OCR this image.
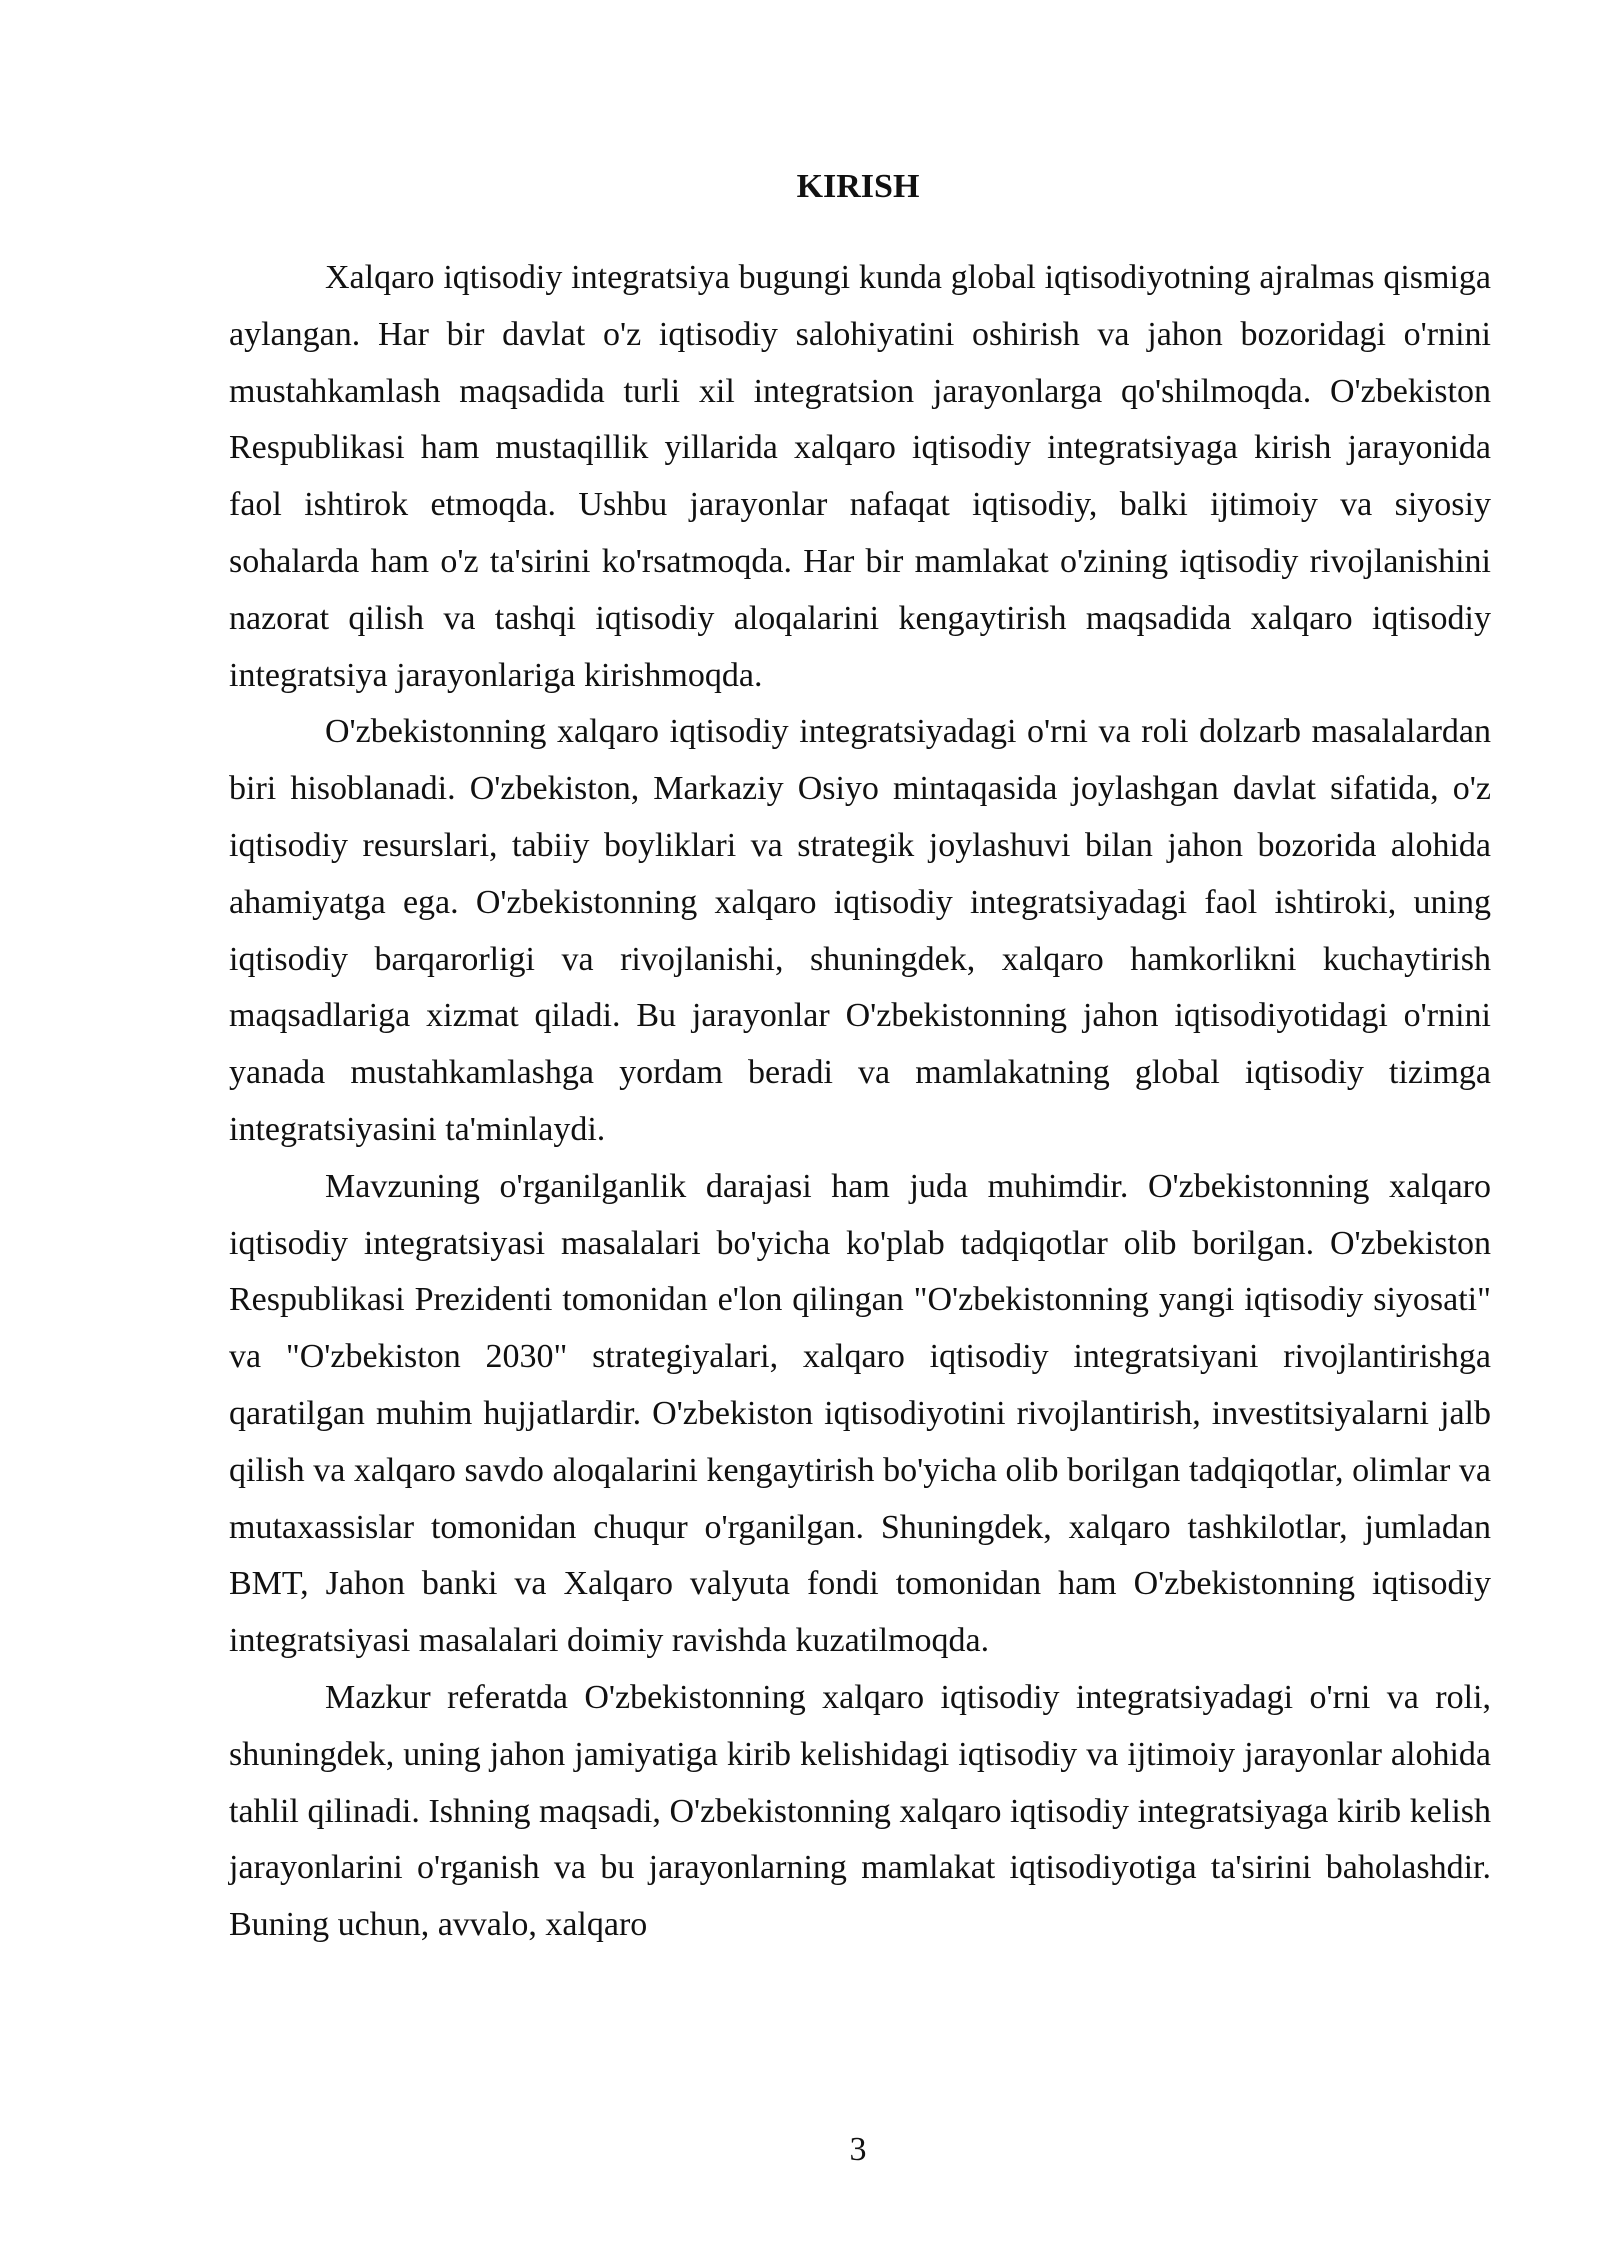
KIRISH

Xalqaro iqtisodiy integratsiya bugungi kunda global iqtisodiyotning ajralmas qismiga aylangan. Har bir davlat o'z iqtisodiy salohiyatini oshirish va jahon bozoridagi o'rnini mustahkamlash maqsadida turli xil integratsion jarayonlarga qo'shilmoqda. O'zbekiston Respublikasi ham mustaqillik yillarida xalqaro iqtisodiy integratsiyaga kirish jarayonida faol ishtirok etmoqda. Ushbu jarayonlar nafaqat iqtisodiy, balki ijtimoiy va siyosiy sohalarda ham o'z ta'sirini ko'rsatmoqda. Har bir mamlakat o'zining iqtisodiy rivojlanishini nazorat qilish va tashqi iqtisodiy aloqalarini kengaytirish maqsadida xalqaro iqtisodiy integratsiya jarayonlariga kirishmoqda.

O'zbekistonning xalqaro iqtisodiy integratsiyadagi o'rni va roli dolzarb masalalardan biri hisoblanadi. O'zbekiston, Markaziy Osiyo mintaqasida joylashgan davlat sifatida, o'z iqtisodiy resurslari, tabiiy boyliklari va strategik joylashuvi bilan jahon bozorida alohida ahamiyatga ega. O'zbekistonning xalqaro iqtisodiy integratsiyadagi faol ishtiroki, uning iqtisodiy barqarorligi va rivojlanishi, shuningdek, xalqaro hamkorlikni kuchaytirish maqsadlariga xizmat qiladi. Bu jarayonlar O'zbekistonning jahon iqtisodiyotidagi o'rnini yanada mustahkamlashga yordam beradi va mamlakatning global iqtisodiy tizimga integratsiyasini ta'minlaydi.

Mavzuning o'rganilganlik darajasi ham juda muhimdir. O'zbekistonning xalqaro iqtisodiy integratsiyasi masalalari bo'yicha ko'plab tadqiqotlar olib borilgan. O'zbekiston Respublikasi Prezidenti tomonidan e'lon qilingan "O'zbekistonning yangi iqtisodiy siyosati" va "O'zbekiston 2030" strategiyalari, xalqaro iqtisodiy integratsiyani rivojlantirishga qaratilgan muhim hujjatlardir. O'zbekiston iqtisodiyotini rivojlantirish, investitsiyalarni jalb qilish va xalqaro savdo aloqalarini kengaytirish bo'yicha olib borilgan tadqiqotlar, olimlar va mutaxassislar tomonidan chuqur o'rganilgan. Shuningdek, xalqaro tashkilotlar, jumladan BMT, Jahon banki va Xalqaro valyuta fondi tomonidan ham O'zbekistonning iqtisodiy integratsiyasi masalalari doimiy ravishda kuzatilmoqda.

Mazkur referatda O'zbekistonning xalqaro iqtisodiy integratsiyadagi o'rni va roli, shuningdek, uning jahon jamiyatiga kirib kelishidagi iqtisodiy va ijtimoiy jarayonlar alohida tahlil qilinadi. Ishning maqsadi, O'zbekistonning xalqaro iqtisodiy integratsiyaga kirib kelish jarayonlarini o'rganish va bu jarayonlarning mamlakat iqtisodiyotiga ta'sirini baholashdir. Buning uchun, avvalo, xalqaro

3
